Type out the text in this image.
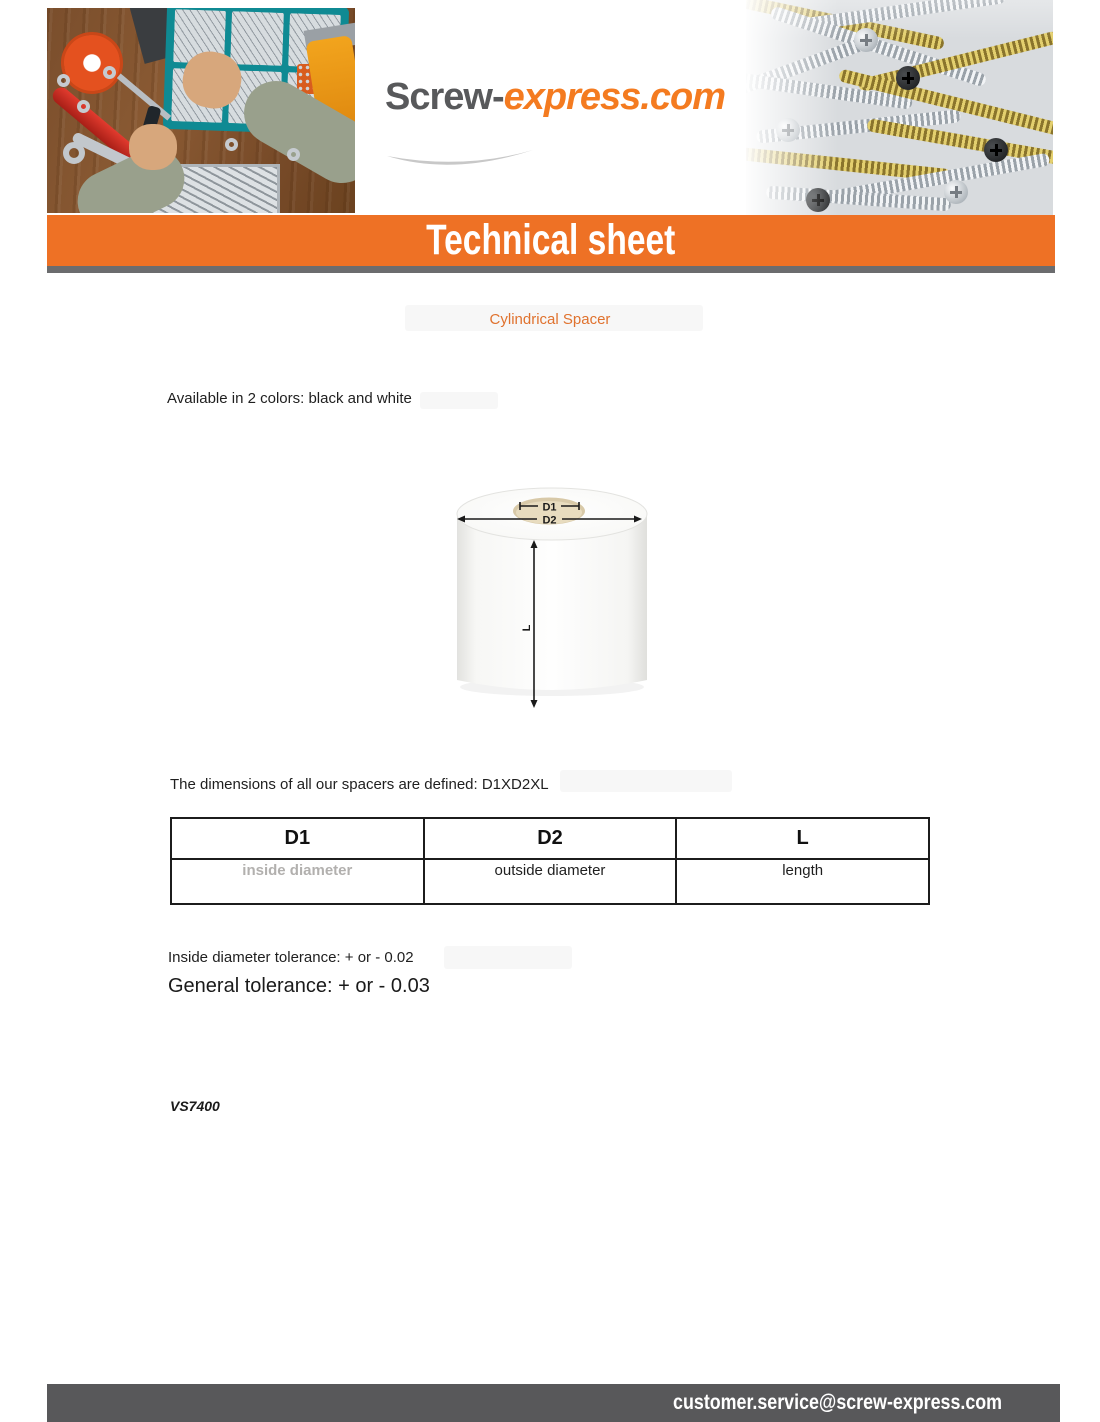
Screw-express.com
Technical sheet
Cylindrical Spacer

Available in 2 colors: black and white

D1
D2
L

The dimensions of all our spacers are defined: D1XD2XL

D1	D2	L
inside diameter	outside diameter	length

Inside diameter tolerance: + or - 0.02

General tolerance: + or - 0.03

VS7400

customer.service@screw-express.com
